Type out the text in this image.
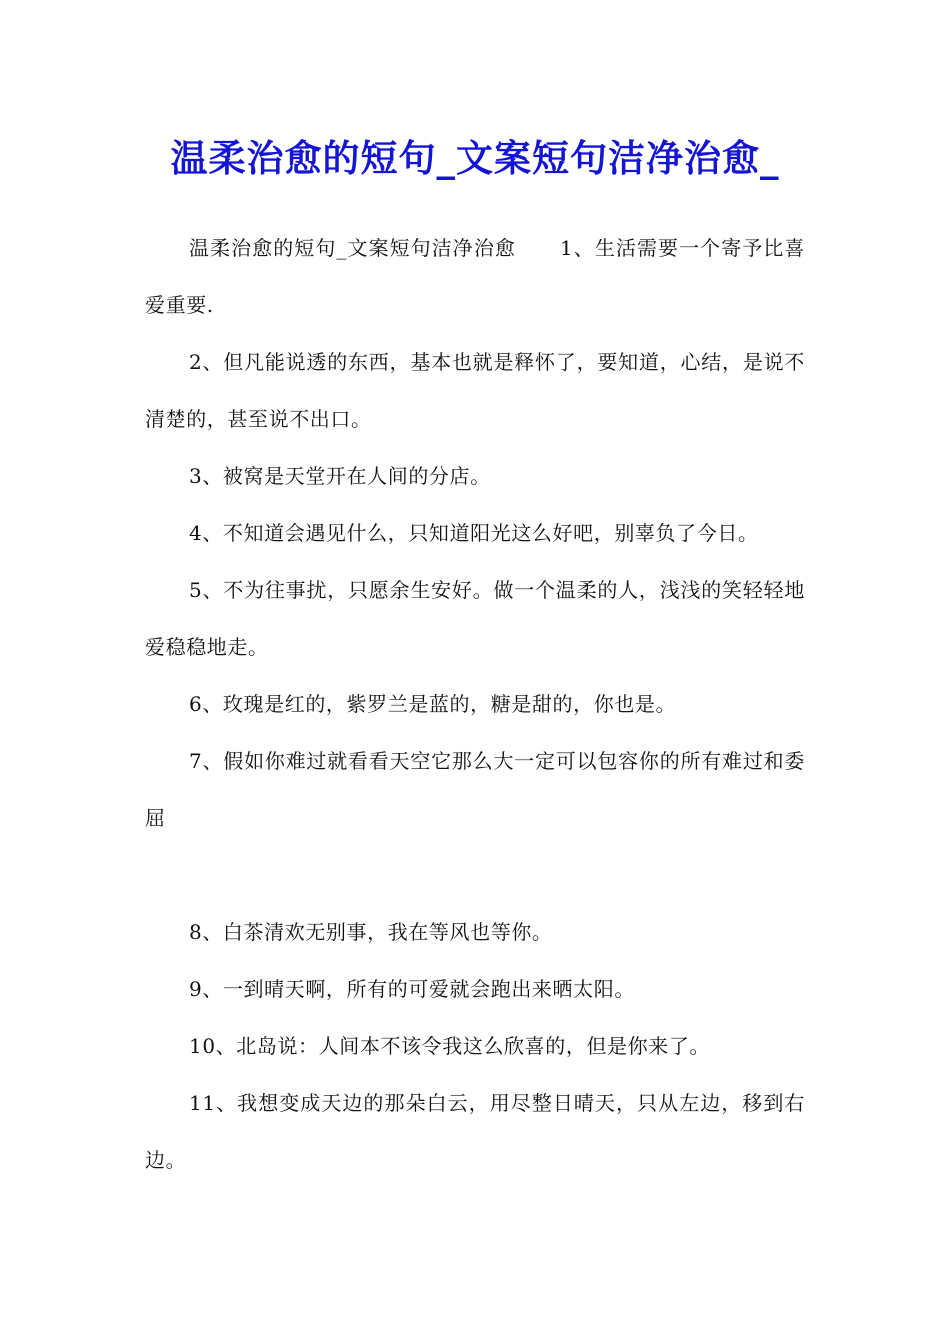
温柔治愈的短句_文案短句洁净治愈_

温柔治愈的短句_文案短句洁净治愈 1、生活需要一个寄予比喜爱重要.

2、但凡能说透的东西，基本也就是释怀了，要知道，心结，是说不清楚的，甚至说不出口。

3、被窝是天堂开在人间的分店。

4、不知道会遇见什么，只知道阳光这么好吧，别辜负了今日。

5、不为往事扰，只愿余生安好。做一个温柔的人，浅浅的笑轻轻地爱稳稳地走。

6、玫瑰是红的，紫罗兰是蓝的，糖是甜的，你也是。

7、假如你难过就看看天空它那么大一定可以包容你的所有难过和委屈

8、白茶清欢无别事，我在等风也等你。

9、一到晴天啊，所有的可爱就会跑出来晒太阳。

10、北岛说：人间本不该令我这么欣喜的，但是你来了。

11、我想变成天边的那朵白云，用尽整日晴天，只从左边，移到右边。
